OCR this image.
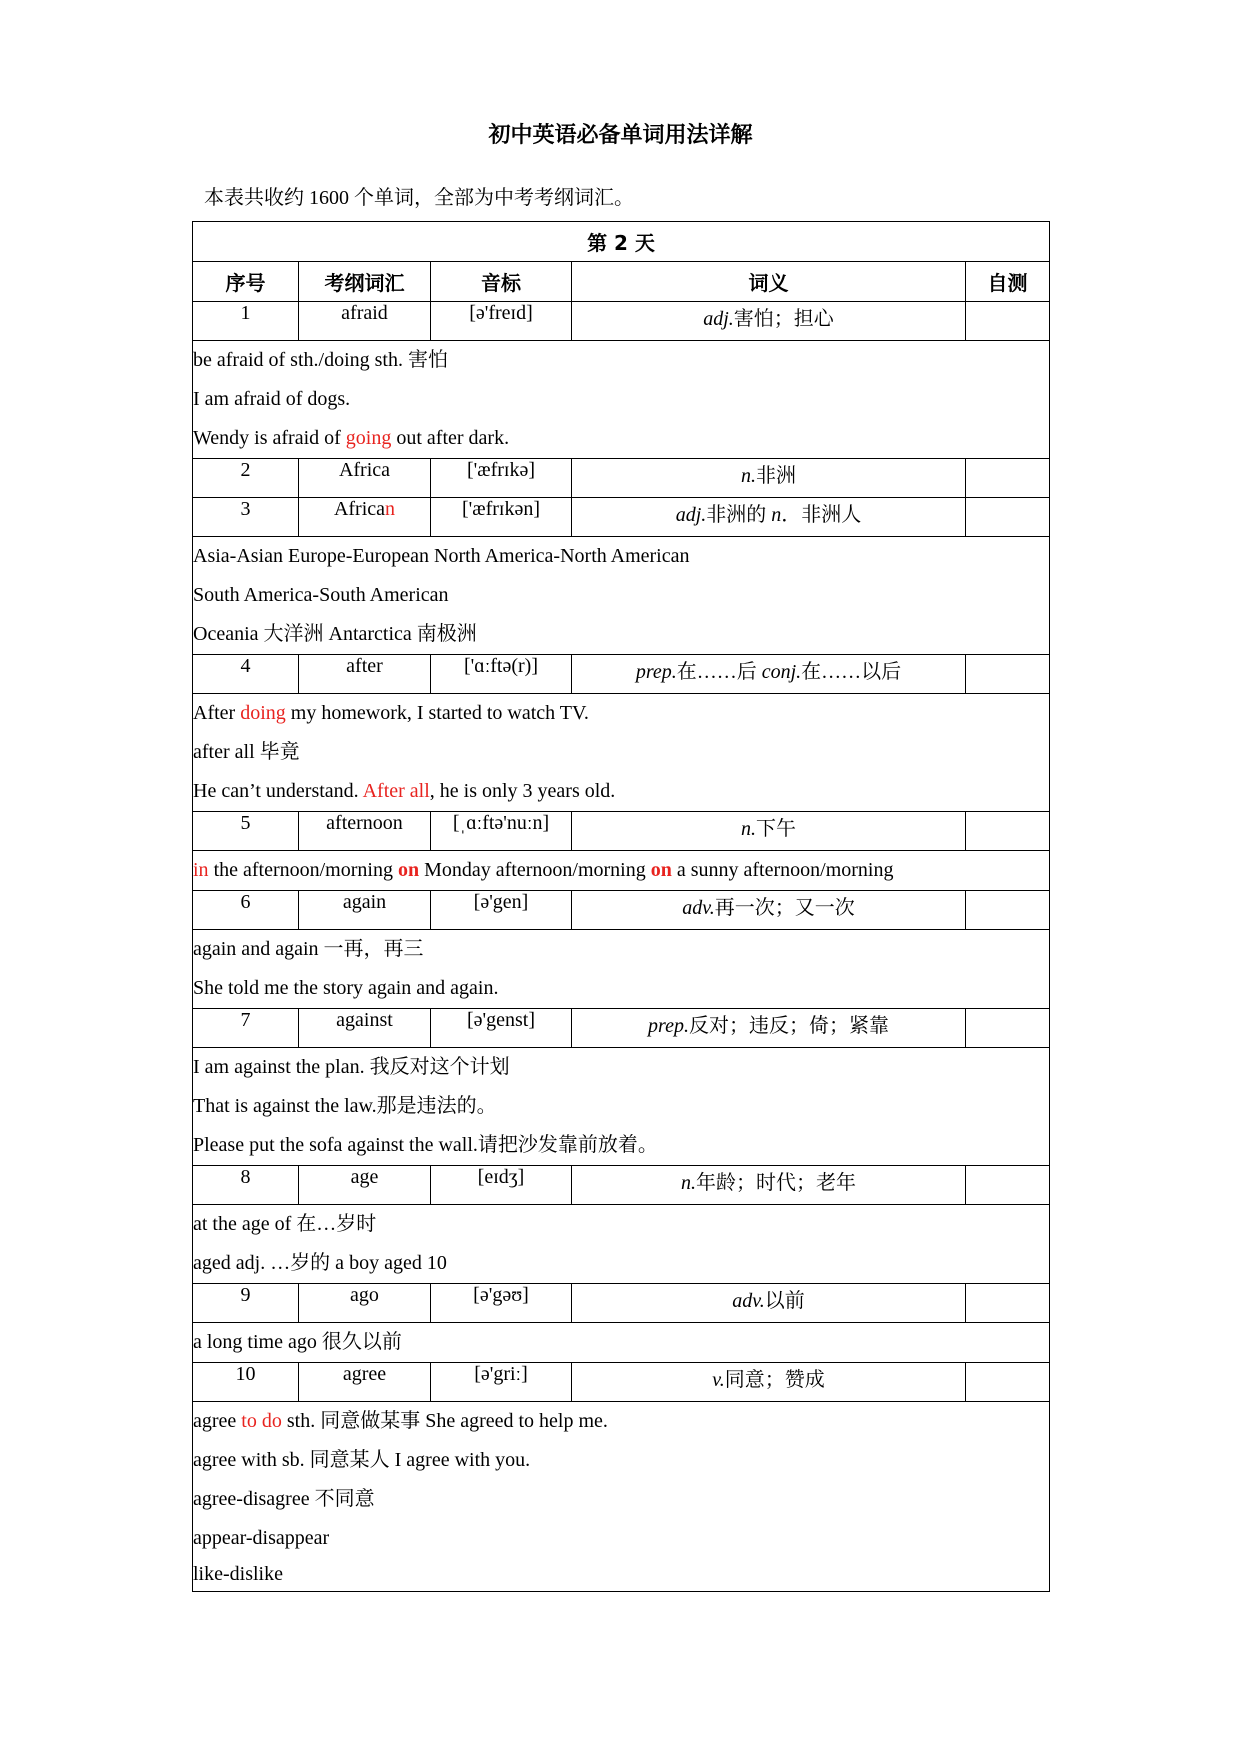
初中英语必备单词用法详解
本表共收约 1600 个单词，全部为中考考纲词汇。
第 2 天				
序号	考纲词汇	音标	词义	自测
1	afraid	[ə'freɪd]	adj.害怕；担心	

be afraid of sth./doing sth. 害怕
I am afraid of dogs.
Wendy is afraid of going out after dark.				

2	Africa	['æfrɪkə]	n.非洲	
3	African	['æfrɪkən]	adj.非洲的 n．非洲人	

Asia-Asian Europe-European North America-North American
South America-South American
Oceania 大洋洲 Antarctica 南极洲				

4	after	['ɑːftə(r)]	prep.在……后 conj.在……以后	

After doing my homework, I started to watch TV.
after all 毕竟
He can’t understand. After all, he is only 3 years old.				

5	afternoon	[ˌɑːftə'nuːn]	n.下午	

in the afternoon/morning on Monday afternoon/morning on a sunny afternoon/morning				

6	again	[ə'gen]	adv.再一次；又一次	

again and again 一再，再三
She told me the story again and again.				

7	against	[ə'genst]	prep.反对；违反；倚；紧靠	

I am against the plan. 我反对这个计划
That is against the law.那是违法的。
Please put the sofa against the wall.请把沙发靠前放着。				

8	age	[eɪdʒ]	n.年龄；时代；老年	

at the age of 在…岁时
aged adj. …岁的 a boy aged 10				

9	ago	[ə'gəʊ]	adv.以前	

a long time ago 很久以前				

10	agree	[ə'griː]	v.同意；赞成	

agree to do sth. 同意做某事 She agreed to help me.
agree with sb. 同意某人 I agree with you.
agree-disagree 不同意
appear-disappear
like-dislike				
